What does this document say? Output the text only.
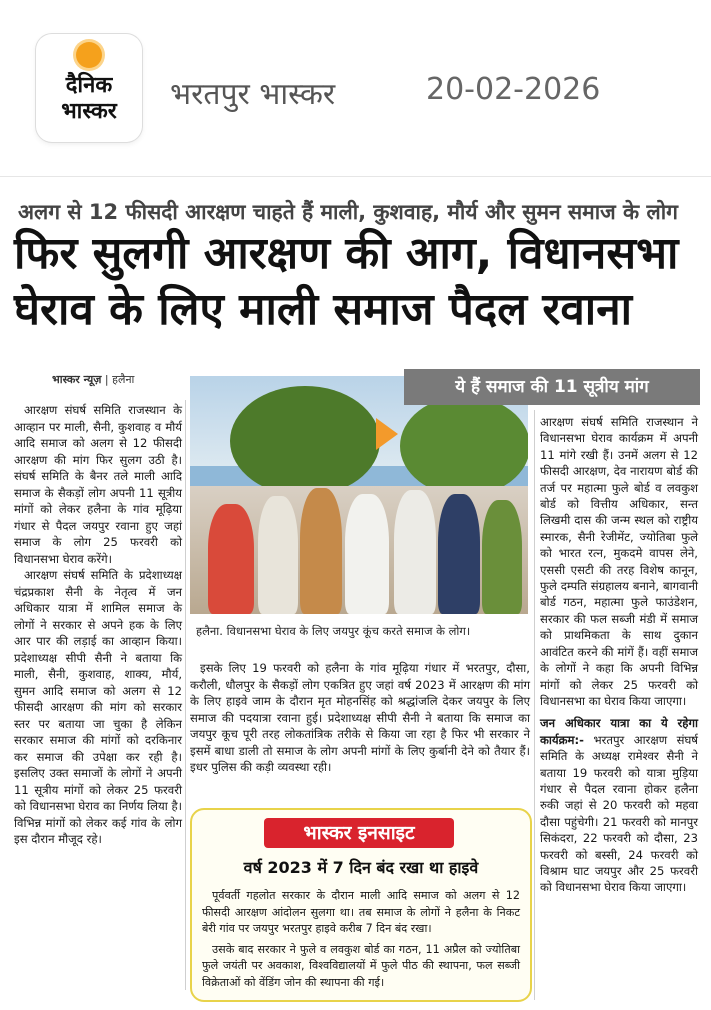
दैनिक
भास्कर	भरतपुर भास्कर	20-02-2026
अलग से 12 फीसदी आरक्षण चाहते हैं माली, कुशवाह, मौर्य और सुमन समाज के लोग
फिर सुलगी आरक्षण की आग, विधानसभा घेराव के लिए माली समाज पैदल रवाना
भास्कर न्यूज़ | हलैना

आरक्षण संघर्ष समिति राजस्थान के आव्हान पर माली, सैनी, कुशवाह व मौर्य आदि समाज को अलग से 12 फीसदी आरक्षण की मांग फिर सुलग उठी है। संघर्ष समिति के बैनर तले माली आदि समाज के सैकड़ों लोग अपनी 11 सूत्रीय मांगों को लेकर हलैना के गांव मूढ़िया गंधार से पैदल जयपुर रवाना हुए जहां समाज के लोग 25 फरवरी को विधानसभा घेराव करेंगे।

आरक्षण संघर्ष समिति के प्रदेशाध्यक्ष चंद्रप्रकाश सैनी के नेतृत्व में जन अधिकार यात्रा में शामिल समाज के लोगों ने सरकार से अपने हक के लिए आर पार की लड़ाई का आव्हान किया। प्रदेशाध्यक्ष सीपी सैनी ने बताया कि माली, सैनी, कुशवाह, शाक्य, मौर्य, सुमन आदि समाज को अलग से 12 फीसदी आरक्षण की मांग को सरकार स्तर पर बताया जा चुका है लेकिन सरकार समाज की मांगों को दरकिनार कर समाज की उपेक्षा कर रही है। इसलिए उक्त समाजों के लोगों ने अपनी 11 सूत्रीय मांगों को लेकर 25 फरवरी को विधानसभा घेराव का निर्णय लिया है। विभिन्न मांगों को लेकर कई गांव के लोग इस दौरान मौजूद रहे।

हलैना. विधानसभा घेराव के लिए जयपुर कूंच करते समाज के लोग।

इसके लिए 19 फरवरी को हलैना के गांव मूढ़िया गंधार में भरतपुर, दौसा, करौली, धौलपुर के सैकड़ों लोग एकत्रित हुए जहां वर्ष 2023 में आरक्षण की मांग के लिए हाइवे जाम के दौरान मृत मोहनसिंह को श्रद्धांजलि देकर जयपुर के लिए समाज की पदयात्रा रवाना हुई। प्रदेशाध्यक्ष सीपी सैनी ने बताया कि समाज का जयपुर कूच पूरी तरह लोकतांत्रिक तरीके से किया जा रहा है फिर भी सरकार ने इसमें बाधा डाली तो समाज के लोग अपनी मांगों के लिए कुर्बानी देने को तैयार हैं। इधर पुलिस की कड़ी व्यवस्था रही।

ये हैं समाज की 11 सूत्रीय मांग

आरक्षण संघर्ष समिति राजस्थान ने विधानसभा घेराव कार्यक्रम में अपनी 11 मांगे रखी हैं। उनमें अलग से 12 फीसदी आरक्षण, देव नारायण बोर्ड की तर्ज पर महात्मा फुले बोर्ड व लवकुश बोर्ड को वित्तीय अधिकार, सन्त लिखमी दास की जन्म स्थल को राष्ट्रीय स्मारक, सैनी रेजीमेंट, ज्योतिबा फुले को भारत रत्न, मुकदमे वापस लेने, एससी एसटी की तरह विशेष कानून, फुले दम्पति संग्रहालय बनाने, बागवानी बोर्ड गठन, महात्मा फुले फाउंडेशन, सरकार की फल सब्जी मंडी में समाज को प्राथमिकता के साथ दुकान आवंटित करने की मांगें हैं। वहीं समाज के लोगों ने कहा कि अपनी विभिन्न मांगों को लेकर 25 फरवरी को विधानसभा का घेराव किया जाएगा।

जन अधिकार यात्रा का ये रहेगा कार्यक्रम:- भरतपुर आरक्षण संघर्ष समिति के अध्यक्ष रामेश्वर सैनी ने बताया 19 फरवरी को यात्रा मुड़िया गंधार से पैदल रवाना होकर हलैना रुकी जहां से 20 फरवरी को महवा दौसा पहुंचेगी। 21 फरवरी को मानपुर सिकंदरा, 22 फरवरी को दौसा, 23 फरवरी को बस्सी, 24 फरवरी को विश्राम घाट जयपुर और 25 फरवरी को विधानसभा घेराव किया जाएगा।

भास्कर इनसाइट
वर्ष 2023 में 7 दिन बंद रखा था हाइवे

पूर्ववर्ती गहलोत सरकार के दौरान माली आदि समाज को अलग से 12 फीसदी आरक्षण आंदोलन सुलगा था। तब समाज के लोगों ने हलैना के निकट बेरी गांव पर जयपुर भरतपुर हाइवे करीब 7 दिन बंद रखा।

उसके बाद सरकार ने फुले व लवकुश बोर्ड का गठन, 11 अप्रैल को ज्योतिबा फुले जयंती पर अवकाश, विश्वविद्यालयों में फुले पीठ की स्थापना, फल सब्जी विक्रेताओं को वेंडिंग जोन की स्थापना की गई।
